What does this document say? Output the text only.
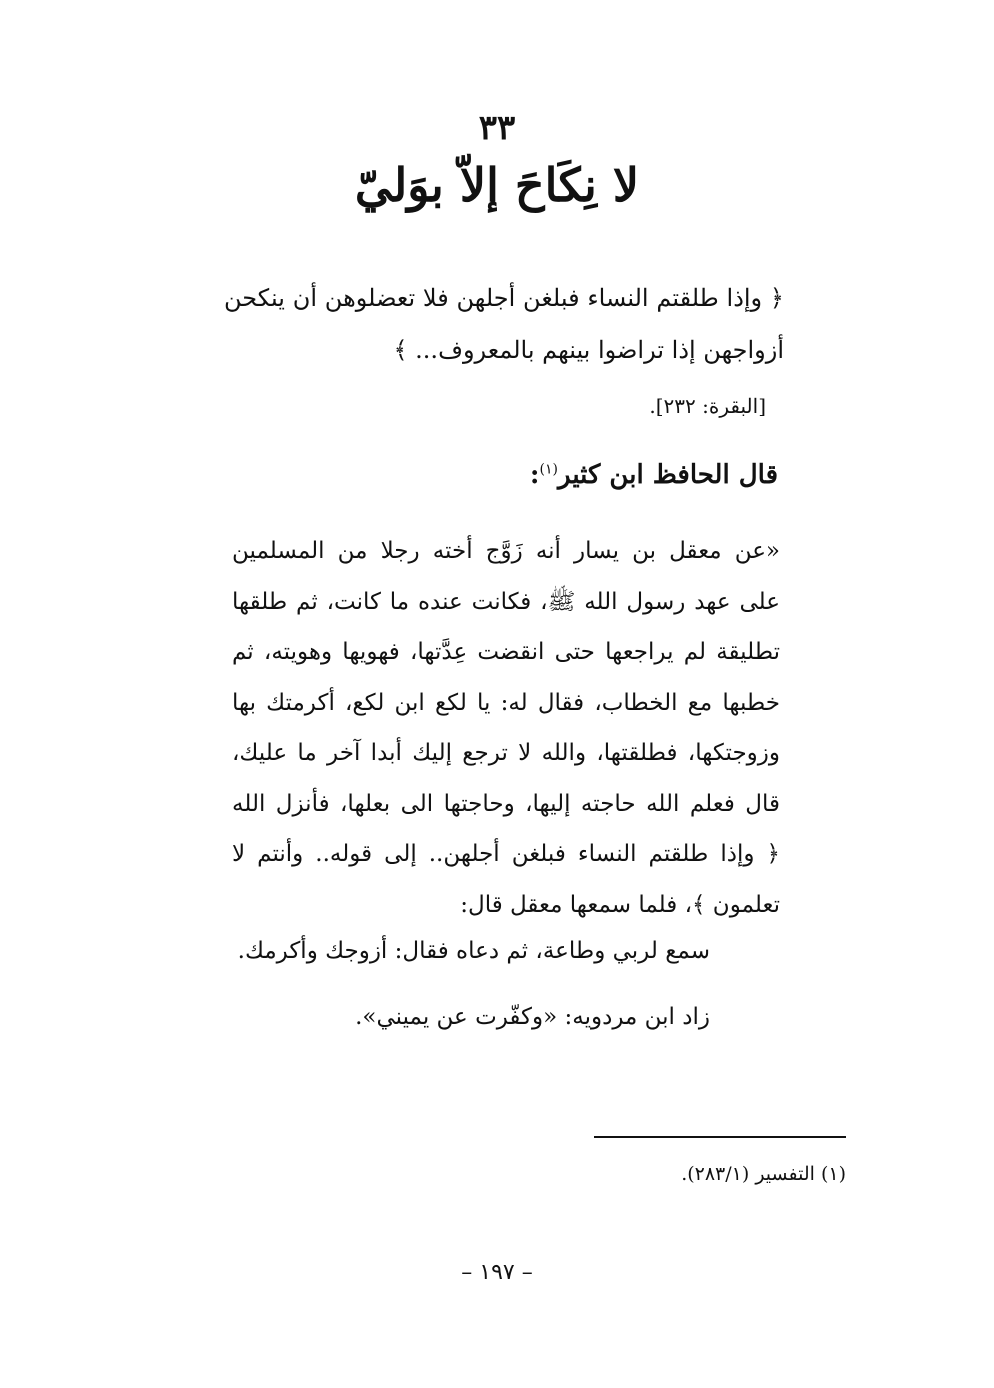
٣٣
لا نِكَاحَ إلاّ بوَليّ
﴿ وإذا طلقتم النساء فبلغن أجلهن فلا تعضلوهن أن ينكحن أزواجهن إذا تراضوا بينهم بالمعروف... ﴾
[البقرة: ٢٣٢].
قال الحافظ ابن كثير$^{(١)}$:
«عن معقل بن يسار أنه زَوَّج أخته رجلا من المسلمين
على عهد رسول الله ﷺ، فكانت عنده ما كانت، ثم طلقها
تطليقة لم يراجعها حتى انقضت عِدَّتها، فهويها وهويته، ثم
خطبها مع الخطاب، فقال له: يا لكع ابن لكع، أكرمتك بها
وزوجتكها، فطلقتها، والله لا ترجع إليك أبدا آخر ما عليك،
قال فعلم الله حاجته إليها، وحاجتها الى بعلها، فأنزل الله
﴿ وإذا طلقتم النساء فبلغن أجلهن.. إلى قوله.. وأنتم لا
تعلمون ﴾، فلما سمعها معقل قال:
سمع لربي وطاعة، ثم دعاه فقال: أزوجك وأكرمك.
زاد ابن مردويه: «وكفّرت عن يميني».
(١) التفسير (٢٨٣/١).
– ١٩٧ –
